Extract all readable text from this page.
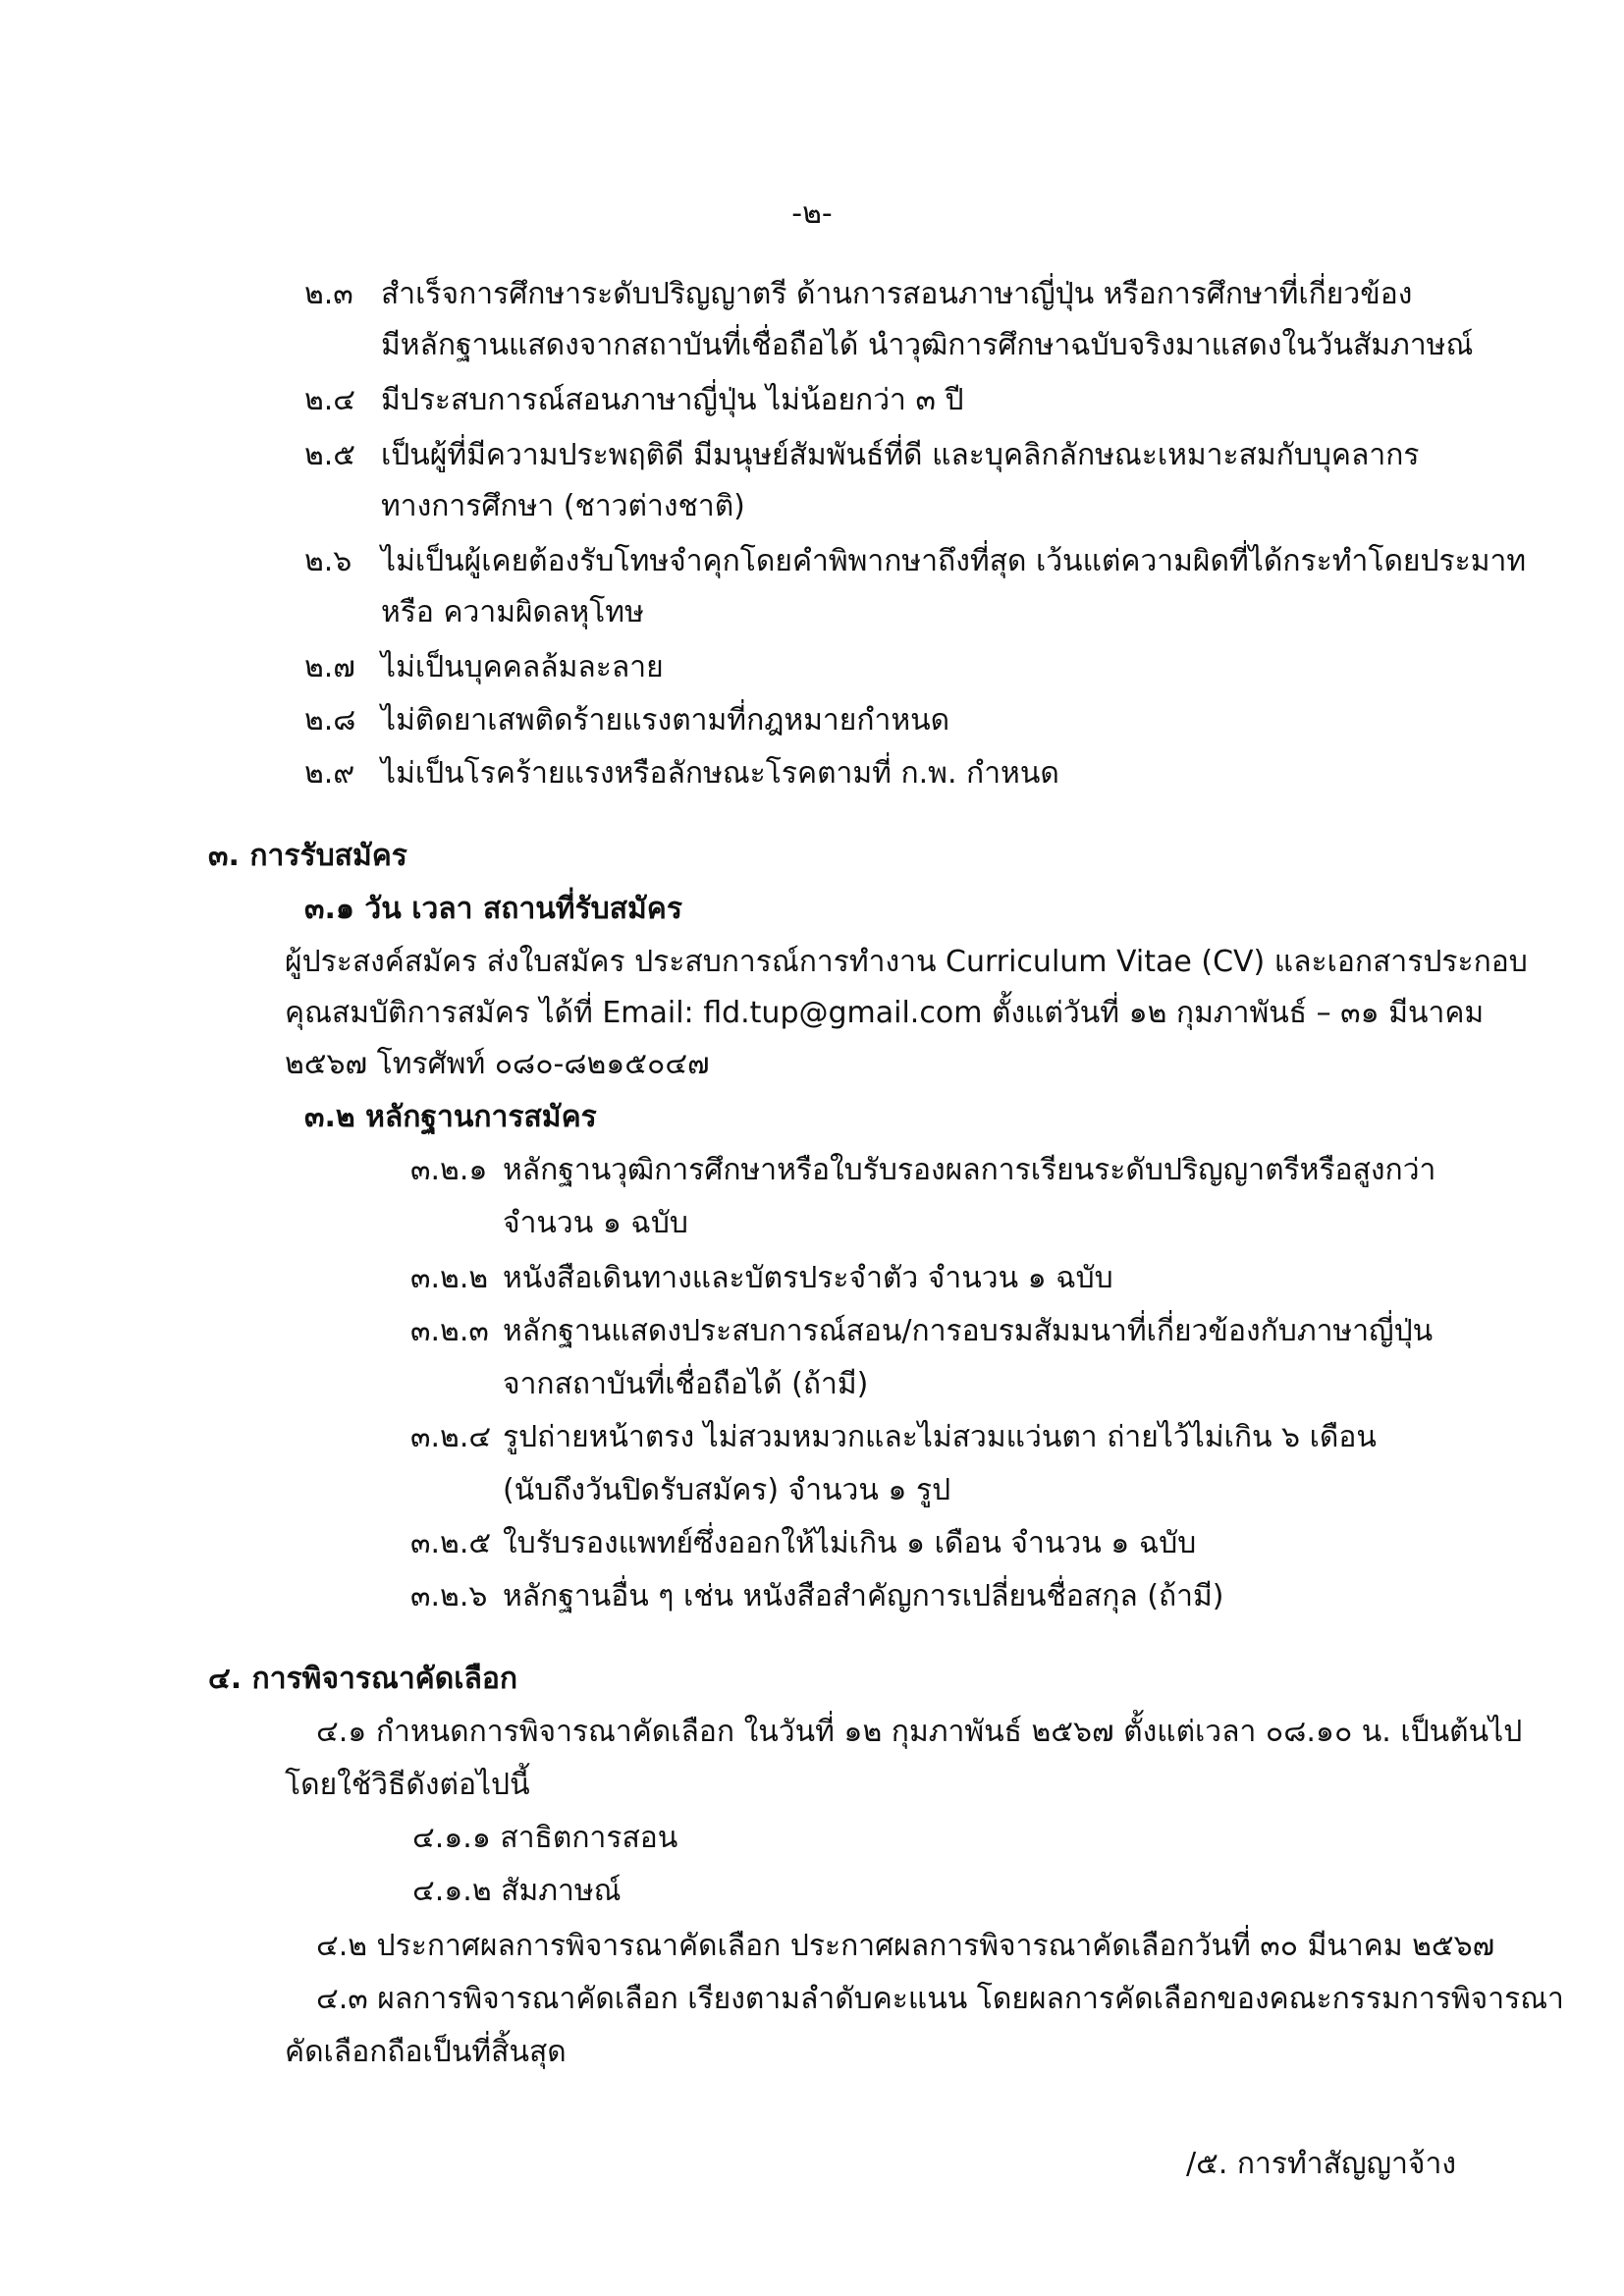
-๒-
๒.๓ สำเร็จการศึกษาระดับปริญญาตรี ด้านการสอนภาษาญี่ปุ่น หรือการศึกษาที่เกี่ยวข้อง
มีหลักฐานแสดงจากสถาบันที่เชื่อถือได้ นำวุฒิการศึกษาฉบับจริงมาแสดงในวันสัมภาษณ์
๒.๔ มีประสบการณ์สอนภาษาญี่ปุ่น ไม่น้อยกว่า ๓ ปี
๒.๕ เป็นผู้ที่มีความประพฤติดี มีมนุษย์สัมพันธ์ที่ดี และบุคลิกลักษณะเหมาะสมกับบุคลากร
ทางการศึกษา (ชาวต่างชาติ)
๒.๖ ไม่เป็นผู้เคยต้องรับโทษจำคุกโดยคำพิพากษาถึงที่สุด เว้นแต่ความผิดที่ได้กระทำโดยประมาท
หรือ ความผิดลหุโทษ
๒.๗ ไม่เป็นบุคคลล้มละลาย
๒.๘ ไม่ติดยาเสพติดร้ายแรงตามที่กฎหมายกำหนด
๒.๙ ไม่เป็นโรคร้ายแรงหรือลักษณะโรคตามที่ ก.พ. กำหนด
๓. การรับสมัคร
๓.๑ วัน เวลา สถานที่รับสมัคร
ผู้ประสงค์สมัคร ส่งใบสมัคร ประสบการณ์การทำงาน Curriculum Vitae (CV) และเอกสารประกอบ
คุณสมบัติการสมัคร ได้ที่ Email: fld.tup@gmail.com ตั้งแต่วันที่ ๑๒ กุมภาพันธ์ – ๓๑ มีนาคม
๒๕๖๗ โทรศัพท์ ๐๘๐-๘๒๑๕๐๔๗
๓.๒ หลักฐานการสมัคร
๓.๒.๑ หลักฐานวุฒิการศึกษาหรือใบรับรองผลการเรียนระดับปริญญาตรีหรือสูงกว่า
จำนวน ๑ ฉบับ
๓.๒.๒ หนังสือเดินทางและบัตรประจำตัว จำนวน ๑ ฉบับ
๓.๒.๓ หลักฐานแสดงประสบการณ์สอน/การอบรมสัมมนาที่เกี่ยวข้องกับภาษาญี่ปุ่น
จากสถาบันที่เชื่อถือได้ (ถ้ามี)
๓.๒.๔ รูปถ่ายหน้าตรง ไม่สวมหมวกและไม่สวมแว่นตา ถ่ายไว้ไม่เกิน ๖ เดือน
(นับถึงวันปิดรับสมัคร) จำนวน ๑ รูป
๓.๒.๕ ใบรับรองแพทย์ซึ่งออกให้ไม่เกิน ๑ เดือน จำนวน ๑ ฉบับ
๓.๒.๖ หลักฐานอื่น ๆ เช่น หนังสือสำคัญการเปลี่ยนชื่อสกุล (ถ้ามี)
๔. การพิจารณาคัดเลือก
๔.๑ กำหนดการพิจารณาคัดเลือก ในวันที่ ๑๒ กุมภาพันธ์ ๒๕๖๗ ตั้งแต่เวลา ๐๘.๑๐ น. เป็นต้นไป
โดยใช้วิธีดังต่อไปนี้
๔.๑.๑ สาธิตการสอน
๔.๑.๒ สัมภาษณ์
๔.๒ ประกาศผลการพิจารณาคัดเลือก ประกาศผลการพิจารณาคัดเลือกวันที่ ๓๐ มีนาคม ๒๕๖๗
๔.๓ ผลการพิจารณาคัดเลือก เรียงตามลำดับคะแนน โดยผลการคัดเลือกของคณะกรรมการพิจารณา
คัดเลือกถือเป็นที่สิ้นสุด
/๕. การทำสัญญาจ้าง
